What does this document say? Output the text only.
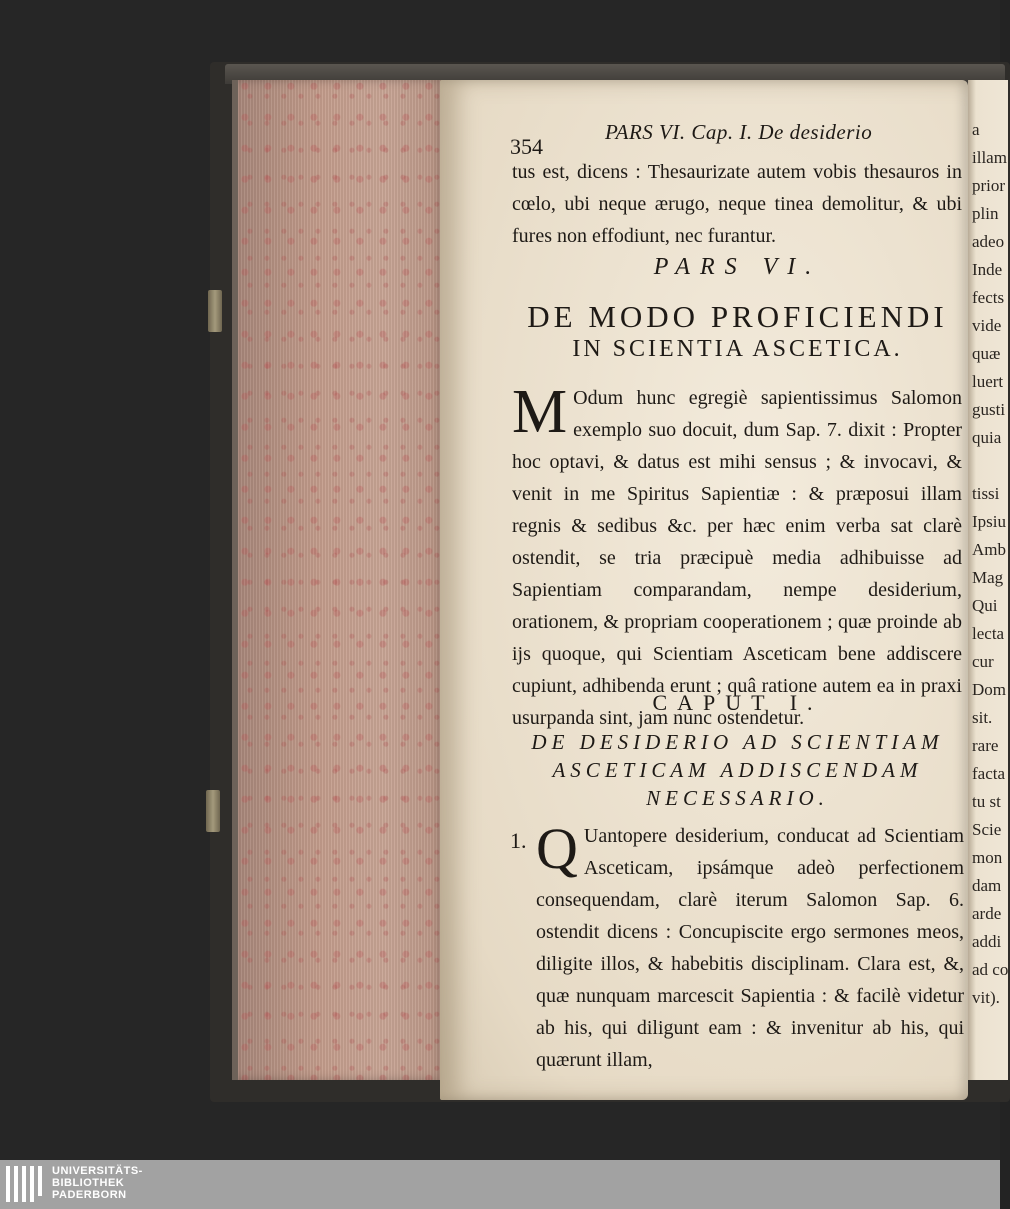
a
illam
prior
plin
adeo
Inde
fects
vide
quæ
luert
gusti
quia
tissi
Ipsiu
Amb
Mag
Qui
lecta
cur
Dom
sit.
rare
facta
tu st
Scie
mon
dam
arde
addi
ad co
vit).
354
PARS VI. Cap. I. De desiderio
tus est, dicens : Thesaurizate autem vobis thesauros in cœlo, ubi neque ærugo, neque tinea demolitur, & ubi fures non effodiunt, nec furantur.
PARS VI.
DE MODO PROFICIENDI
IN SCIENTIA ASCETICA.
M Odum hunc egregiè sapientissimus Salomon exemplo suo docuit, dum Sap. 7. dixit : Propter hoc optavi, & datus est mihi sensus ; & invocavi, & venit in me Spiritus Sapientiæ : & præposui illam regnis & sedibus &c. per hæc enim verba sat clarè ostendit, se tria præcipuè media adhibuisse ad Sapientiam comparandam, nempe desiderium, orationem, & propriam cooperationem ; quæ proinde ab ijs quoque, qui Scientiam Asceticam bene addiscere cupiunt, adhibenda erunt ; quâ ratione autem ea in praxi usurpanda sint, jam nunc ostendetur.
CAPUT I.
DE DESIDERIO AD SCIENTIAM ASCETICAM ADDISCENDAM NECESSARIO.
1. Q Uantopere desiderium, conducat ad Scientiam Asceticam, ipsámque adeò perfectionem consequendam, clarè iterum Salomon Sap. 6. ostendit dicens : Concupiscite ergo sermones meos, diligite illos, & habebitis disciplinam. Clara est, &, quæ nunquam marcescit Sapientia : & facilè videtur ab his, qui diligunt eam : & invenitur ab his, qui quærunt illam,
UNIVERSITÄTS-
BIBLIOTHEK
PADERBORN
